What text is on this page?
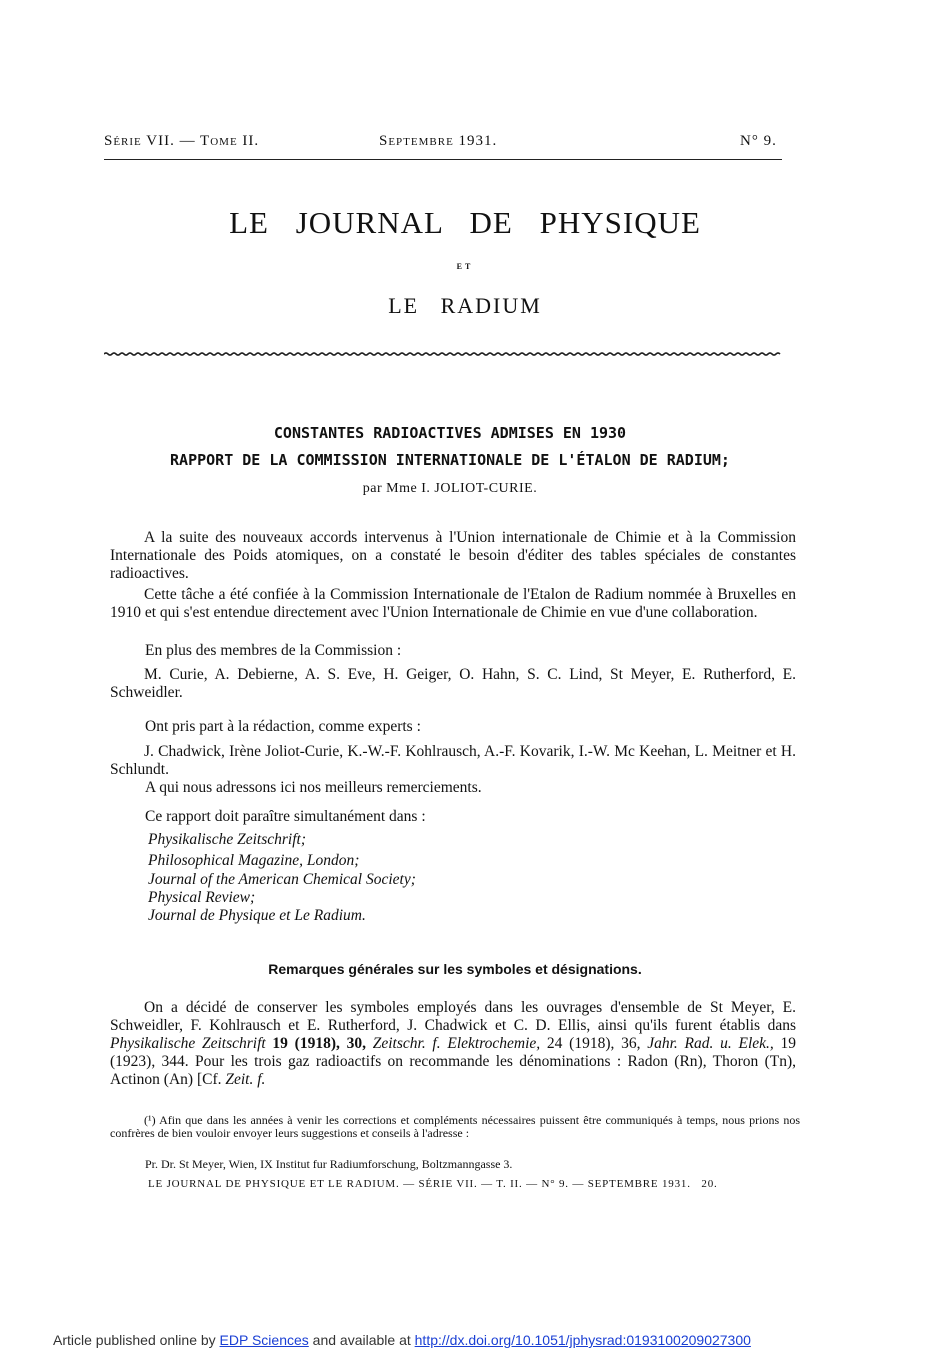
Série VII. — Tome II.	Septembre 1931.	N° 9.
LE JOURNAL DE PHYSIQUE
ET
LE RADIUM
CONSTANTES RADIOACTIVES ADMISES EN 1930
RAPPORT DE LA COMMISSION INTERNATIONALE DE L'ÉTALON DE RADIUM;
par Mme I. JOLIOT-CURIE.

A la suite des nouveaux accords intervenus à l'Union internationale de Chimie et à la Commission Internationale des Poids atomiques, on a constaté le besoin d'éditer des tables spéciales de constantes radioactives.

Cette tâche a été confiée à la Commission Internationale de l'Etalon de Radium nommée à Bruxelles en 1910 et qui s'est entendue directement avec l'Union Internationale de Chimie en vue d'une collaboration.

En plus des membres de la Commission :

M. Curie, A. Debierne, A. S. Eve, H. Geiger, O. Hahn, S. C. Lind, St Meyer, E. Rutherford, E. Schweidler.

Ont pris part à la rédaction, comme experts :

J. Chadwick, Irène Joliot-Curie, K.-W.-F. Kohlrausch, A.-F. Kovarik, I.-W. Mc Keehan, L. Meitner et H. Schlundt.

A qui nous adressons ici nos meilleurs remerciements.

Ce rapport doit paraître simultanément dans :

Physikalische Zeitschrift;

Philosophical Magazine, London;

Journal of the American Chemical Society;

Physical Review;

Journal de Physique et Le Radium.

Remarques générales sur les symboles et désignations.

On a décidé de conserver les symboles employés dans les ouvrages d'ensemble de St Meyer, E. Schweidler, F. Kohlrausch et E. Rutherford, J. Chadwick et C. D. Ellis, ainsi qu'ils furent établis dans Physikalische Zeitschrift 19 (1918), 30, Zeitschr. f. Elektrochemie, 24 (1918), 36, Jahr. Rad. u. Elek., 19 (1923), 344. Pour les trois gaz radioactifs on recommande les dénominations : Radon (Rn), Thoron (Tn), Actinon (An) [Cf. Zeit. f.

(¹) Afin que dans les années à venir les corrections et compléments nécessaires puissent être communiqués à temps, nous prions nos confrères de bien vouloir envoyer leurs suggestions et conseils à l'adresse :

Pr. Dr. St Meyer, Wien, IX Institut fur Radiumforschung, Boltzmanngasse 3.

LE JOURNAL DE PHYSIQUE ET LE RADIUM. — SÉRIE VII. — T. II. — N° 9. — SEPTEMBRE 1931. 20.

Article published online by EDP Sciences and available at http://dx.doi.org/10.1051/jphysrad:0193100209027300
